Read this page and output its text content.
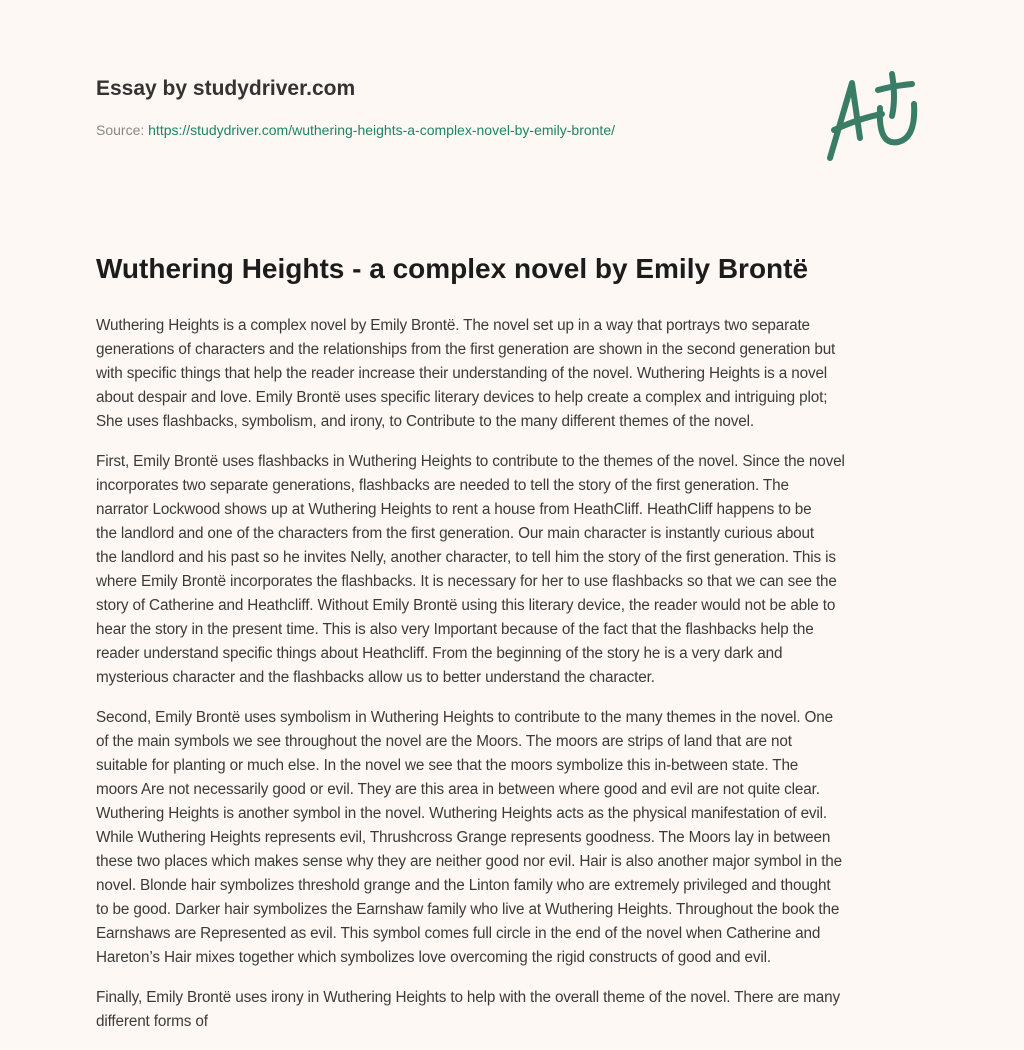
Essay by studydriver.com
Source: https://studydriver.com/wuthering-heights-a-complex-novel-by-emily-bronte/
Wuthering Heights - a complex novel by Emily Brontë

Wuthering Heights is a complex novel by Emily Brontë. The novel set up in a way that portrays two separate
generations of characters and the relationships from the first generation are shown in the second generation but
with specific things that help the reader increase their understanding of the novel. Wuthering Heights is a novel
about despair and love. Emily Brontë uses specific literary devices to help create a complex and intriguing plot;
She uses flashbacks, symbolism, and irony, to Contribute to the many different themes of the novel.

First, Emily Brontë uses flashbacks in Wuthering Heights to contribute to the themes of the novel. Since the novel
incorporates two separate generations, flashbacks are needed to tell the story of the first generation. The
narrator Lockwood shows up at Wuthering Heights to rent a house from HeathCliff. HeathCliff happens to be
the landlord and one of the characters from the first generation. Our main character is instantly curious about
the landlord and his past so he invites Nelly, another character, to tell him the story of the first generation. This is
where Emily Brontë incorporates the flashbacks. It is necessary for her to use flashbacks so that we can see the
story of Catherine and Heathcliff. Without Emily Brontë using this literary device, the reader would not be able to
hear the story in the present time. This is also very Important because of the fact that the flashbacks help the
reader understand specific things about Heathcliff. From the beginning of the story he is a very dark and
mysterious character and the flashbacks allow us to better understand the character.

Second, Emily Brontë uses symbolism in Wuthering Heights to contribute to the many themes in the novel. One
of the main symbols we see throughout the novel are the Moors. The moors are strips of land that are not
suitable for planting or much else. In the novel we see that the moors symbolize this in-between state. The
moors Are not necessarily good or evil. They are this area in between where good and evil are not quite clear.
Wuthering Heights is another symbol in the novel. Wuthering Heights acts as the physical manifestation of evil.
While Wuthering Heights represents evil, Thrushcross Grange represents goodness. The Moors lay in between
these two places which makes sense why they are neither good nor evil. Hair is also another major symbol in the
novel. Blonde hair symbolizes threshold grange and the Linton family who are extremely privileged and thought
to be good. Darker hair symbolizes the Earnshaw family who live at Wuthering Heights. Throughout the book the
Earnshaws are Represented as evil. This symbol comes full circle in the end of the novel when Catherine and
Hareton’s Hair mixes together which symbolizes love overcoming the rigid constructs of good and evil.

Finally, Emily Brontë uses irony in Wuthering Heights to help with the overall theme of the novel. There are many
different forms of
